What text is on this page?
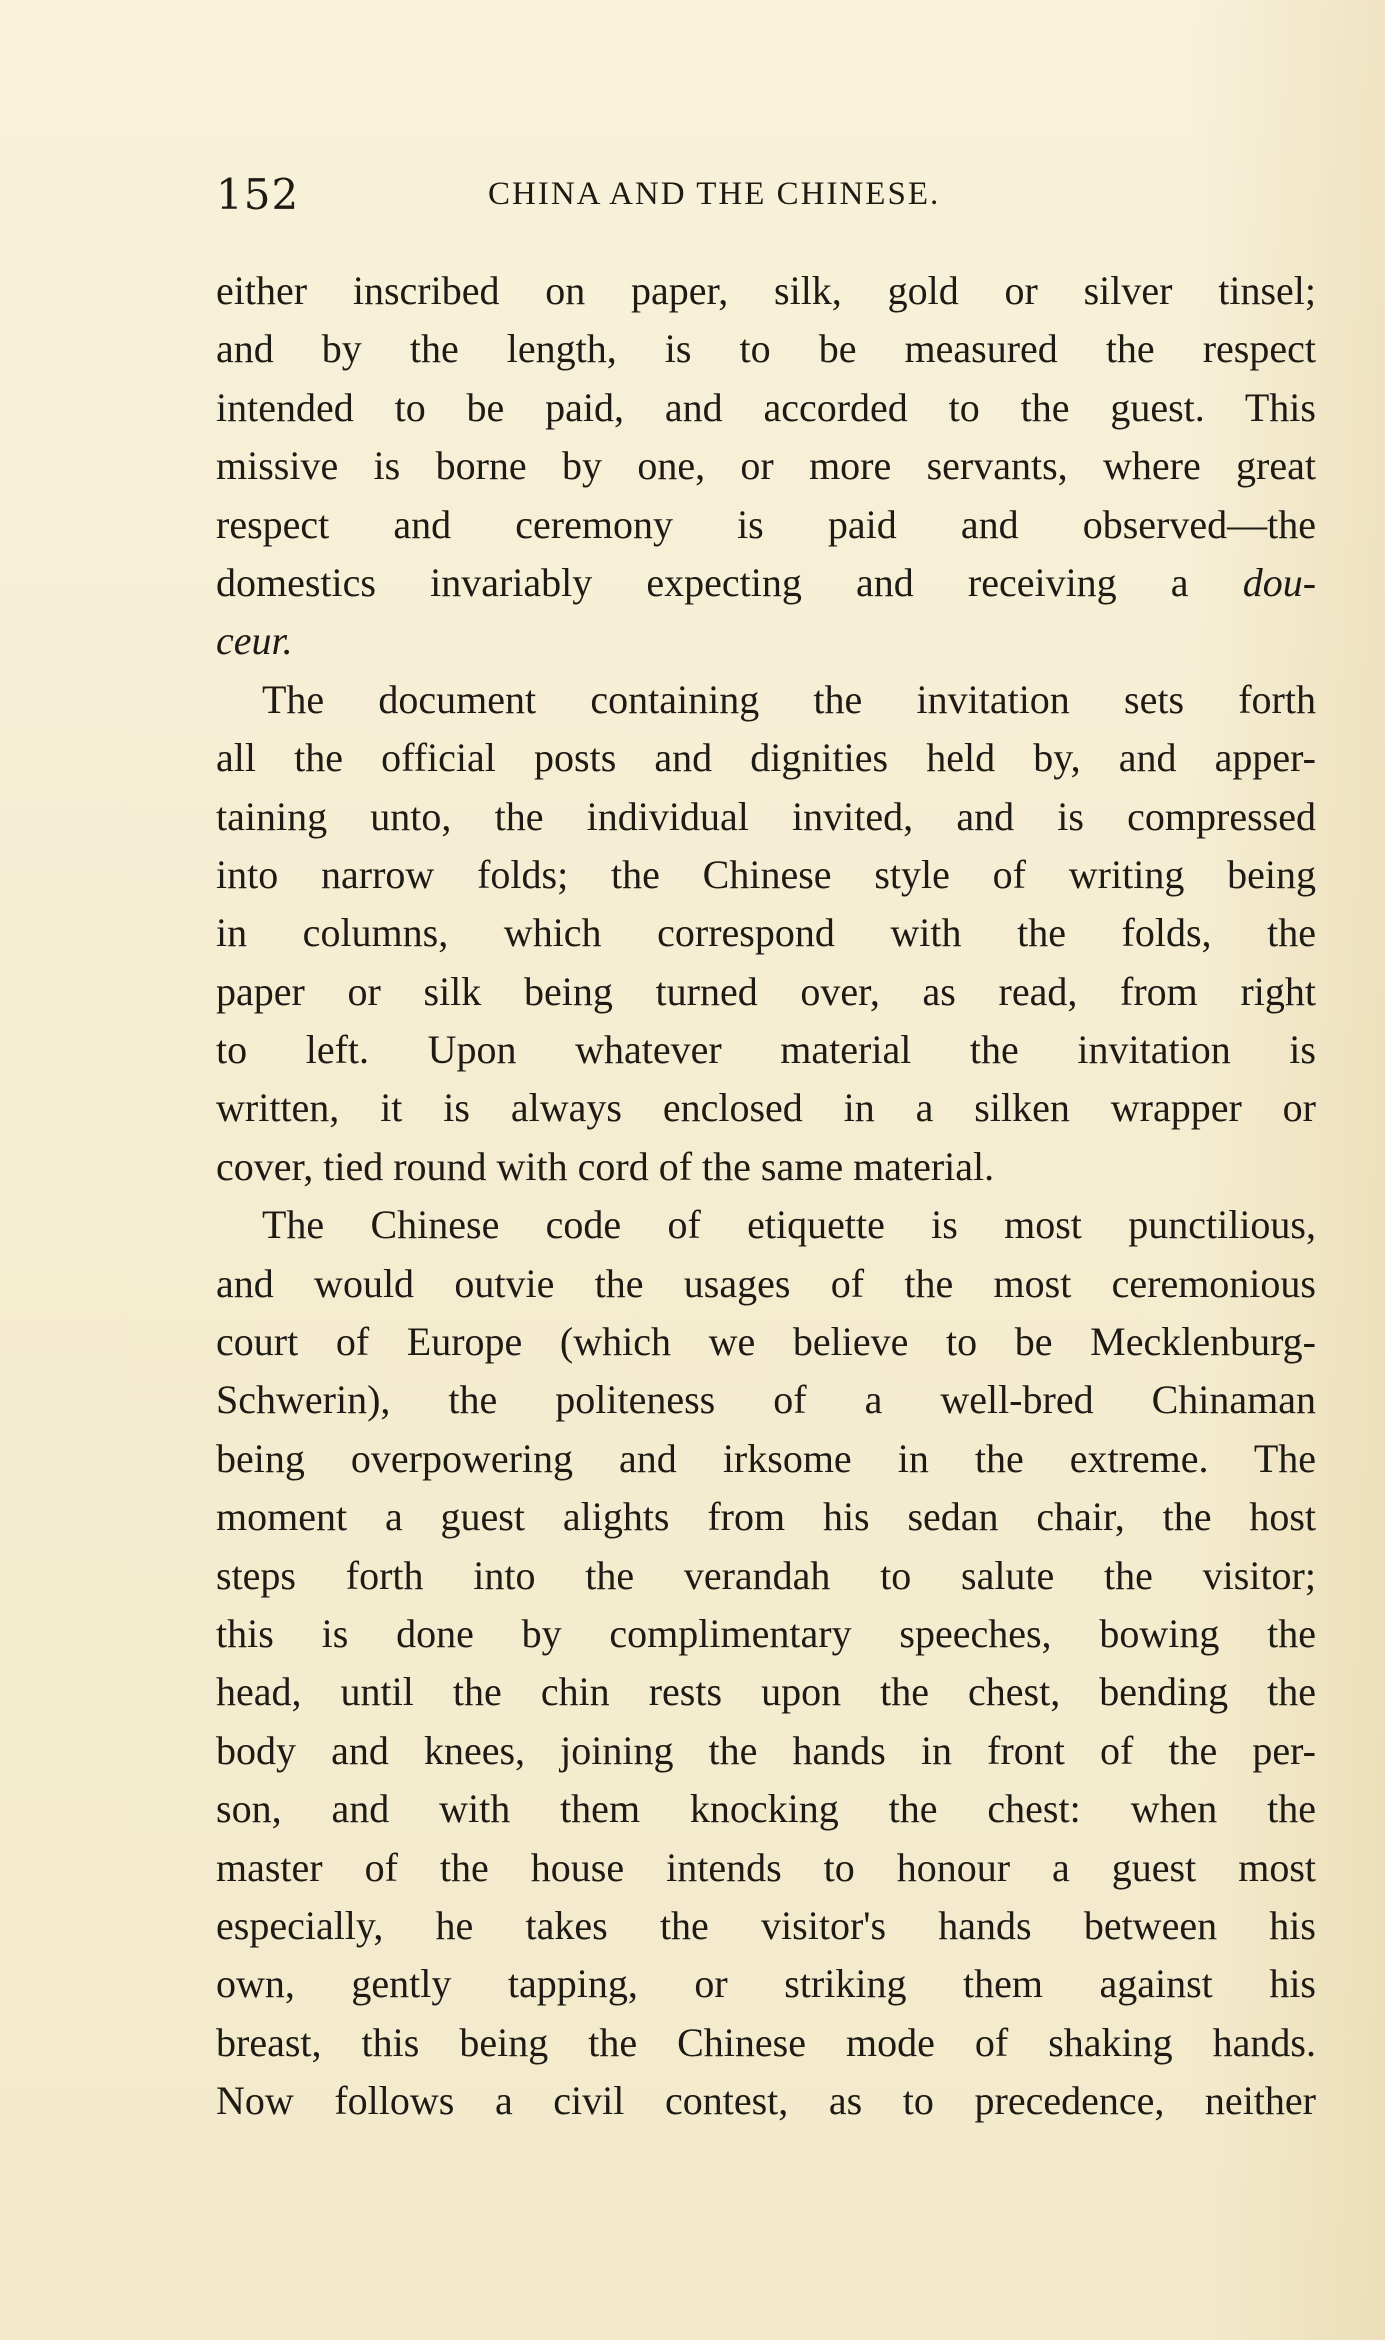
152	CHINA AND THE CHINESE.
either inscribed on paper, silk, gold or silver tinsel;
and by the length, is to be measured the respect
intended to be paid, and accorded to the guest. This
missive is borne by one, or more servants, where great
respect and ceremony is paid and observed—the
domestics invariably expecting and receiving a dou-
ceur.
The document containing the invitation sets forth
all the official posts and dignities held by, and apper-
taining unto, the individual invited, and is compressed
into narrow folds; the Chinese style of writing being
in columns, which correspond with the folds, the
paper or silk being turned over, as read, from right
to left. Upon whatever material the invitation is
written, it is always enclosed in a silken wrapper or
cover, tied round with cord of the same material.
The Chinese code of etiquette is most punctilious,
and would outvie the usages of the most ceremonious
court of Europe (which we believe to be Mecklenburg-
Schwerin), the politeness of a well-bred Chinaman
being overpowering and irksome in the extreme. The
moment a guest alights from his sedan chair, the host
steps forth into the verandah to salute the visitor;
this is done by complimentary speeches, bowing the
head, until the chin rests upon the chest, bending the
body and knees, joining the hands in front of the per-
son, and with them knocking the chest: when the
master of the house intends to honour a guest most
especially, he takes the visitor's hands between his
own, gently tapping, or striking them against his
breast, this being the Chinese mode of shaking hands.
Now follows a civil contest, as to precedence, neither
